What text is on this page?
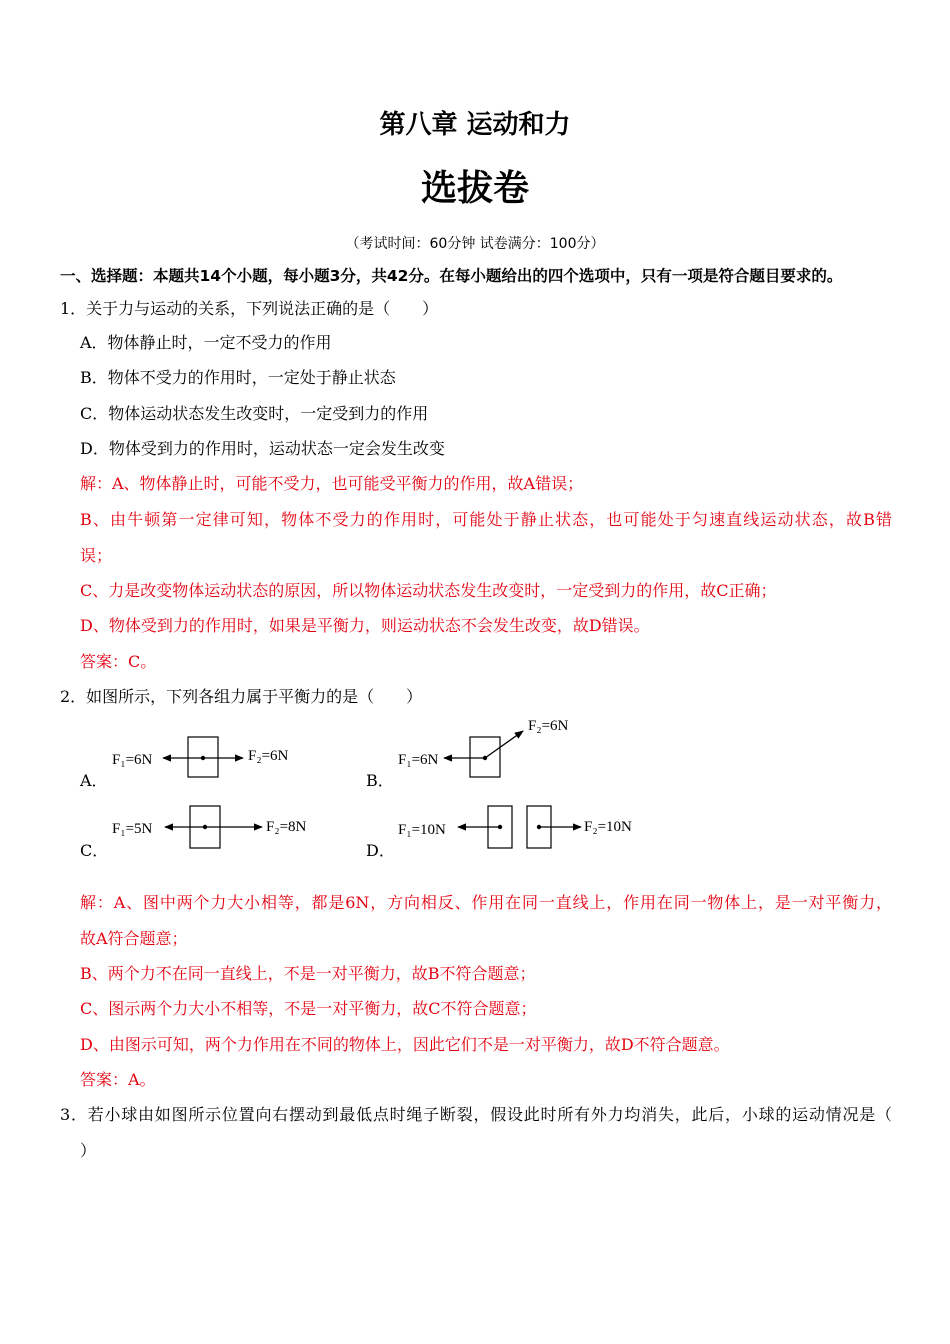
第八章 运动和力
选拔卷
（考试时间：60分钟 试卷满分：100分）
一、选择题：本题共14个小题，每小题3分，共42分。在每小题给出的四个选项中，只有一项是符合题目要求的。
1．关于力与运动的关系，下列说法正确的是（　　）
A．物体静止时，一定不受力的作用
B．物体不受力的作用时，一定处于静止状态
C．物体运动状态发生改变时，一定受到力的作用
D．物体受到力的作用时，运动状态一定会发生改变
解：A、物体静止时，可能不受力，也可能受平衡力的作用，故A错误；
B、由牛顿第一定律可知，物体不受力的作用时，可能处于静止状态，也可能处于匀速直线运动状态，故B错
误；
C、力是改变物体运动状态的原因，所以物体运动状态发生改变时，一定受到力的作用，故C正确；
D、物体受到力的作用时，如果是平衡力，则运动状态不会发生改变，故D错误。
答案：C。
2．如图所示，下列各组力属于平衡力的是（　　）
A．	B．
C．	D．
F₁=6N	F₂=6N	F₁=6N
F₂=6N
F₁=5N	F₂=8N	F₁=10N	F₂=10N
解：A、图中两个力大小相等，都是6N，方向相反、作用在同一直线上，作用在同一物体上，是一对平衡力，
故A符合题意；
B、两个力不在同一直线上，不是一对平衡力，故B不符合题意；
C、图示两个力大小不相等，不是一对平衡力，故C不符合题意；
D、由图示可知，两个力作用在不同的物体上，因此它们不是一对平衡力，故D不符合题意。
答案：A。
3．若小球由如图所示位置向右摆动到最低点时绳子断裂，假设此时所有外力均消失，此后，小球的运动情况是（
）
